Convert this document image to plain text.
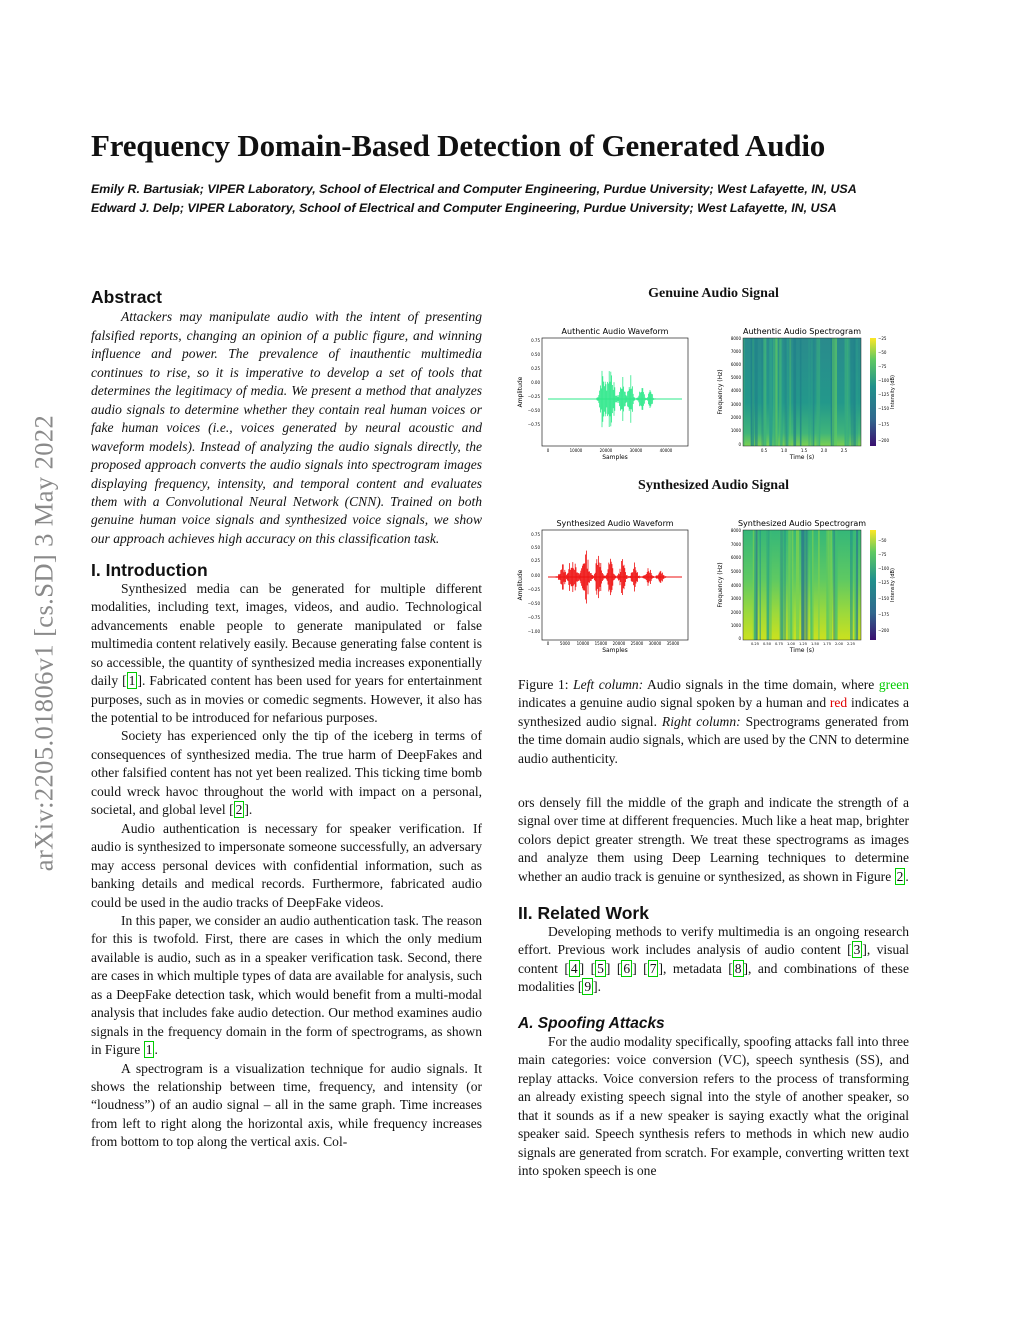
arXiv:2205.01806v1 [cs.SD] 3 May 2022
Frequency Domain-Based Detection of Generated Audio
Emily R. Bartusiak; VIPER Laboratory, School of Electrical and Computer Engineering, Purdue University; West Lafayette, IN, USA
Edward J. Delp; VIPER Laboratory, School of Electrical and Computer Engineering, Purdue University; West Lafayette, IN, USA
Abstract

Attackers may manipulate audio with the intent of presenting falsified reports, changing an opinion of a public figure, and winning influence and power. The prevalence of inauthentic multimedia continues to rise, so it is imperative to develop a set of tools that determines the legitimacy of media. We present a method that analyzes audio signals to determine whether they contain real human voices or fake human voices (i.e., voices generated by neural acoustic and waveform models). Instead of analyzing the audio signals directly, the proposed approach converts the audio signals into spectrogram images displaying frequency, intensity, and temporal content and evaluates them with a Convolutional Neural Network (CNN). Trained on both genuine human voice signals and synthesized voice signals, we show our approach achieves high accuracy on this classification task.

I. Introduction

Synthesized media can be generated for multiple different modalities, including text, images, videos, and audio. Technological advancements enable people to generate manipulated or false multimedia content relatively easily. Because generating false content is so accessible, the quantity of synthesized media increases exponentially daily [ 1 ]. Fabricated content has been used for years for entertainment purposes, such as in movies or comedic segments. However, it also has the potential to be introduced for nefarious purposes.

Society has experienced only the tip of the iceberg in terms of consequences of synthesized media. The true harm of DeepFakes and other falsified content has not yet been realized. This ticking time bomb could wreck havoc throughout the world with impact on a personal, societal, and global level [ 2 ].

Audio authentication is necessary for speaker verification. If audio is synthesized to impersonate someone successfully, an adversary may access personal devices with confidential information, such as banking details and medical records. Furthermore, fabricated audio could be used in the audio tracks of DeepFake videos.

In this paper, we consider an audio authentication task. The reason for this is twofold. First, there are cases in which the only medium available is audio, such as in a speaker verification task. Second, there are cases in which multiple types of data are available for analysis, such as a DeepFake detection task, which would benefit from a multi-modal analysis that includes fake audio detection. Our method examines audio signals in the frequency domain in the form of spectrograms, as shown in Figure 1 .

A spectrogram is a visualization technique for audio signals. It shows the relationship between time, frequency, and intensity (or “loudness”) of an audio signal – all in the same graph. Time increases from left to right along the horizontal axis, while frequency increases from bottom to top along the vertical axis. Col-

Genuine Audio Signal
Synthesized Audio Signal
Authentic Audio Waveform
0.75
0.50
0.25
0.00
−0.25
−0.50
−0.75
0	10000	20000	30000	40000
Samples
Amplitude
Authentic Audio Spectrogram
8000
7000
6000
5000
4000
3000
2000
1000
0
0.5	1.0	1.5	2.0	2.5
Time (s)
Frequency (Hz)
−25
−50
−75
−100
−125
−150
−175
−200
Intensity (dB)
Synthesized Audio Waveform
0.75
0.50
0.25
0.00
−0.25
−0.50
−0.75
−1.00
0	5000 10000 15000 20000 25000 30000 35000
Samples
Amplitude
Synthesized Audio Spectrogram
8000
7000
6000
5000
4000
3000
2000
1000
0
0.25 0.50 0.75 1.00 1.25 1.50 1.75 2.00 2.25
Time (s)
Frequency (Hz)
−50
−75
−100
−125
−150
−175
−200
Intensity (dB)

Figure 1: Left column: Audio signals in the time domain, where green indicates a genuine audio signal spoken by a human and red indicates a synthesized audio signal. Right column: Spectrograms generated from the time domain audio signals, which are used by the CNN to determine audio authenticity.

ors densely fill the middle of the graph and indicate the strength of a signal over time at different frequencies. Much like a heat map, brighter colors depict greater strength. We treat these spectrograms as images and analyze them using Deep Learning techniques to determine whether an audio track is genuine or synthesized, as shown in Figure 2 .

II. Related Work

Developing methods to verify multimedia is an ongoing research effort. Previous work includes analysis of audio content [ 3 ], visual content [ 4 ] [ 5 ] [ 6 ] [ 7 ], metadata [ 8 ], and combinations of these modalities [ 9 ].

A. Spoofing Attacks

For the audio modality specifically, spoofing attacks fall into three main categories: voice conversion (VC), speech synthesis (SS), and replay attacks. Voice conversion refers to the process of transforming an already existing speech signal into the style of another speaker, so that it sounds as if a new speaker is saying exactly what the original speaker said. Speech synthesis refers to methods in which new audio signals are generated from scratch. For example, converting written text into spoken speech is one
